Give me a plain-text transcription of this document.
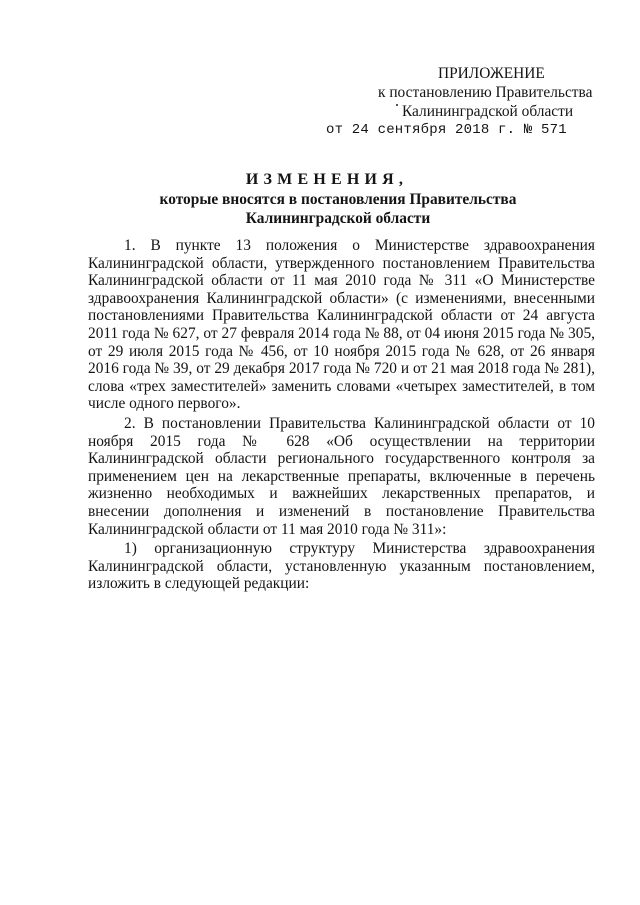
ПРИЛОЖЕНИЕ
к постановлению Правительства
Калининградской области
от 24 сентября 2018 г. № 571
ИЗМЕНЕНИЯ,
которые вносятся в постановления Правительства
Калининградской области

1. В пункте 13 положения о Министерстве здравоохранения Калининградской области, утвержденного постановлением Правительства Калининградской области от 11 мая 2010 года № 311 «О Министерстве здравоохранения Калининградской области» (с изменениями, внесенными постановлениями Правительства Калининградской области от 24 августа 2011 года № 627, от 27 февраля 2014 года № 88, от 04 июня 2015 года № 305, от 29 июля 2015 года № 456, от 10 ноября 2015 года № 628, от 26 января 2016 года № 39, от 29 декабря 2017 года № 720 и от 21 мая 2018 года № 281), слова «трех заместителей» заменить словами «четырех заместителей, в том числе одного первого».

2. В постановлении Правительства Калининградской области от 10 ноября 2015 года № 628 «Об осуществлении на территории Калининградской области регионального государственного контроля за применением цен на лекарственные препараты, включенные в перечень жизненно необходимых и важнейших лекарственных препаратов, и внесении дополнения и изменений в постановление Правительства Калининградской области от 11 мая 2010 года № 311»:

1) организационную структуру Министерства здравоохранения Калининградской области, установленную указанным постановлением, изложить в следующей редакции:
